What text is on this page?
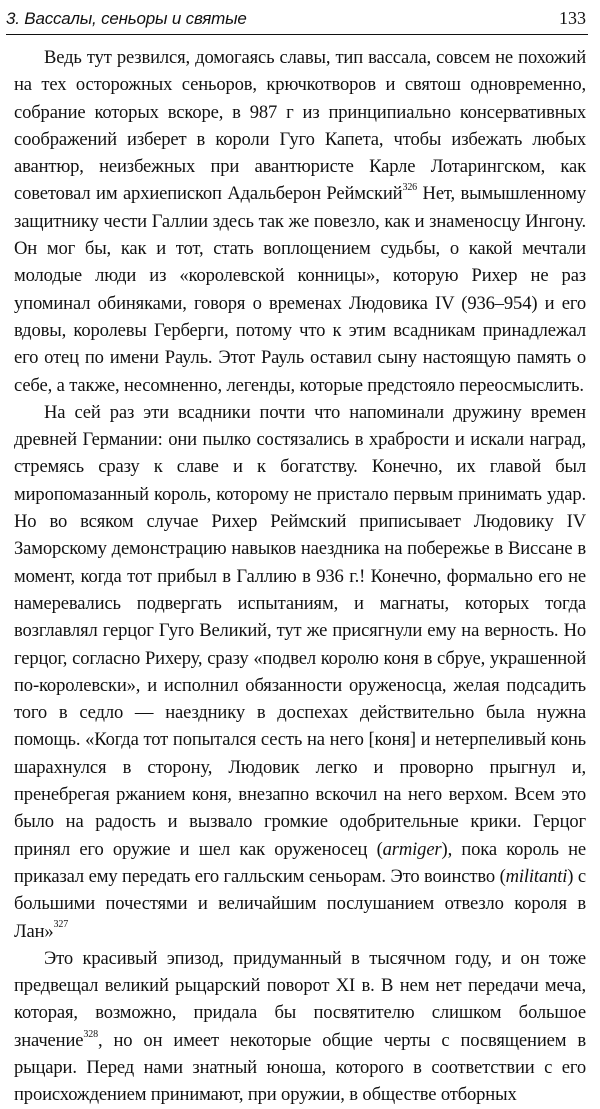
3. Вассалы, сеньоры и святые	133

Ведь тут резвился, домогаясь славы, тип вассала, совсем не похожий на тех осторожных сеньоров, крючкотворов и святош одновременно, собрание которых вскоре, в 987 г из принципиально консервативных соображений изберет в короли Гуго Капета, чтобы избежать любых авантюр, неизбежных при авантюристе Карле Лотарингском, как советовал им архиепископ Адальберон Реймский$^{326}$ Нет, вымышленному защитнику чести Галлии здесь так же повезло, как и знаменосцу Ингону. Он мог бы, как и тот, стать воплощением судьбы, о какой мечтали молодые люди из «королевской конницы», которую Рихер не раз упоминал обиняками, говоря о временах Людовика IV (936–954) и его вдовы, королевы Герберги, потому что к этим всадникам принадлежал его отец по имени Рауль. Этот Рауль оставил сыну настоящую память о себе, а также, несомненно, легенды, которые предстояло переосмыслить.

На сей раз эти всадники почти что напоминали дружину времен древней Германии: они пылко состязались в храбрости и искали наград, стремясь сразу к славе и к богатству. Конечно, их главой был миропомазанный король, которому не пристало первым принимать удар. Но во всяком случае Рихер Реймский приписывает Людовику IV Заморскому демонстрацию навыков наездника на побережье в Виссане в момент, когда тот прибыл в Галлию в 936 г.! Конечно, формально его не намеревались подвергать испытаниям, и магнаты, которых тогда возглавлял герцог Гуго Великий, тут же присягнули ему на верность. Но герцог, согласно Рихеру, сразу «подвел королю коня в сбруе, украшенной по-королевски», и исполнил обязанности оруженосца, желая подсадить того в седло — наезднику в доспехах действительно была нужна помощь. «Когда тот попытался сесть на него [коня] и нетерпеливый конь шарахнулся в сторону, Людовик легко и проворно прыгнул и, пренебрегая ржанием коня, внезапно вскочил на него верхом. Всем это было на радость и вызвало громкие одобрительные крики. Герцог принял его оружие и шел как оруженосец (armiger), пока король не приказал ему передать его галльским сеньорам. Это воинство (militanti) с большими почестями и величайшим послушанием отвезло короля в Лан»$^{327}$

Это красивый эпизод, придуманный в тысячном году, и он тоже предвещал великий рыцарский поворот XI в. В нем нет передачи меча, которая, возможно, придала бы посвятителю слишком большое значение$^{328}$, но он имеет некоторые общие черты с посвящением в рыцари. Перед нами знатный юноша, которого в соответствии с его происхождением принимают, при оружии, в обществе отборных
